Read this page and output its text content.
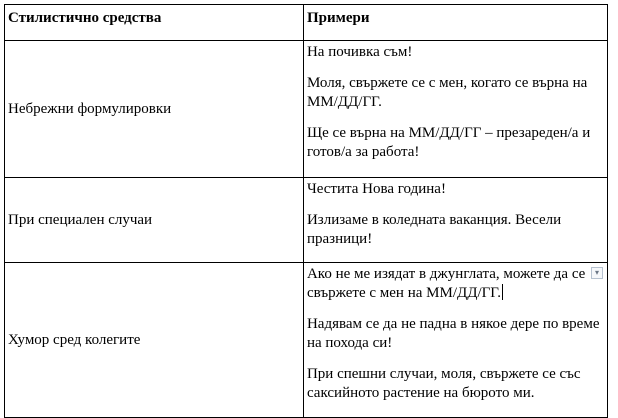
Стилистично средства	Примери
Небрежни формулировки	На почивка съм!

Моля, свържете се с мен, когато се върна на ММ/ДД/ГГ.

Ще се върна на ММ/ДД/ГГ – презареден/а и готов/а за работа!

При специален случаи	Честита Нова година!

Излизаме в коледната ваканция. Весели празници!

Хумор сред колегите	▾

Ако не ме изядат в джунглата, можете да се свържете с мен на ММ/ДД/ГГ.

Надявам се да не падна в някое дере по време на похода си!

При спешни случаи, моля, свържете се със саксийното растение на бюрото ми.
